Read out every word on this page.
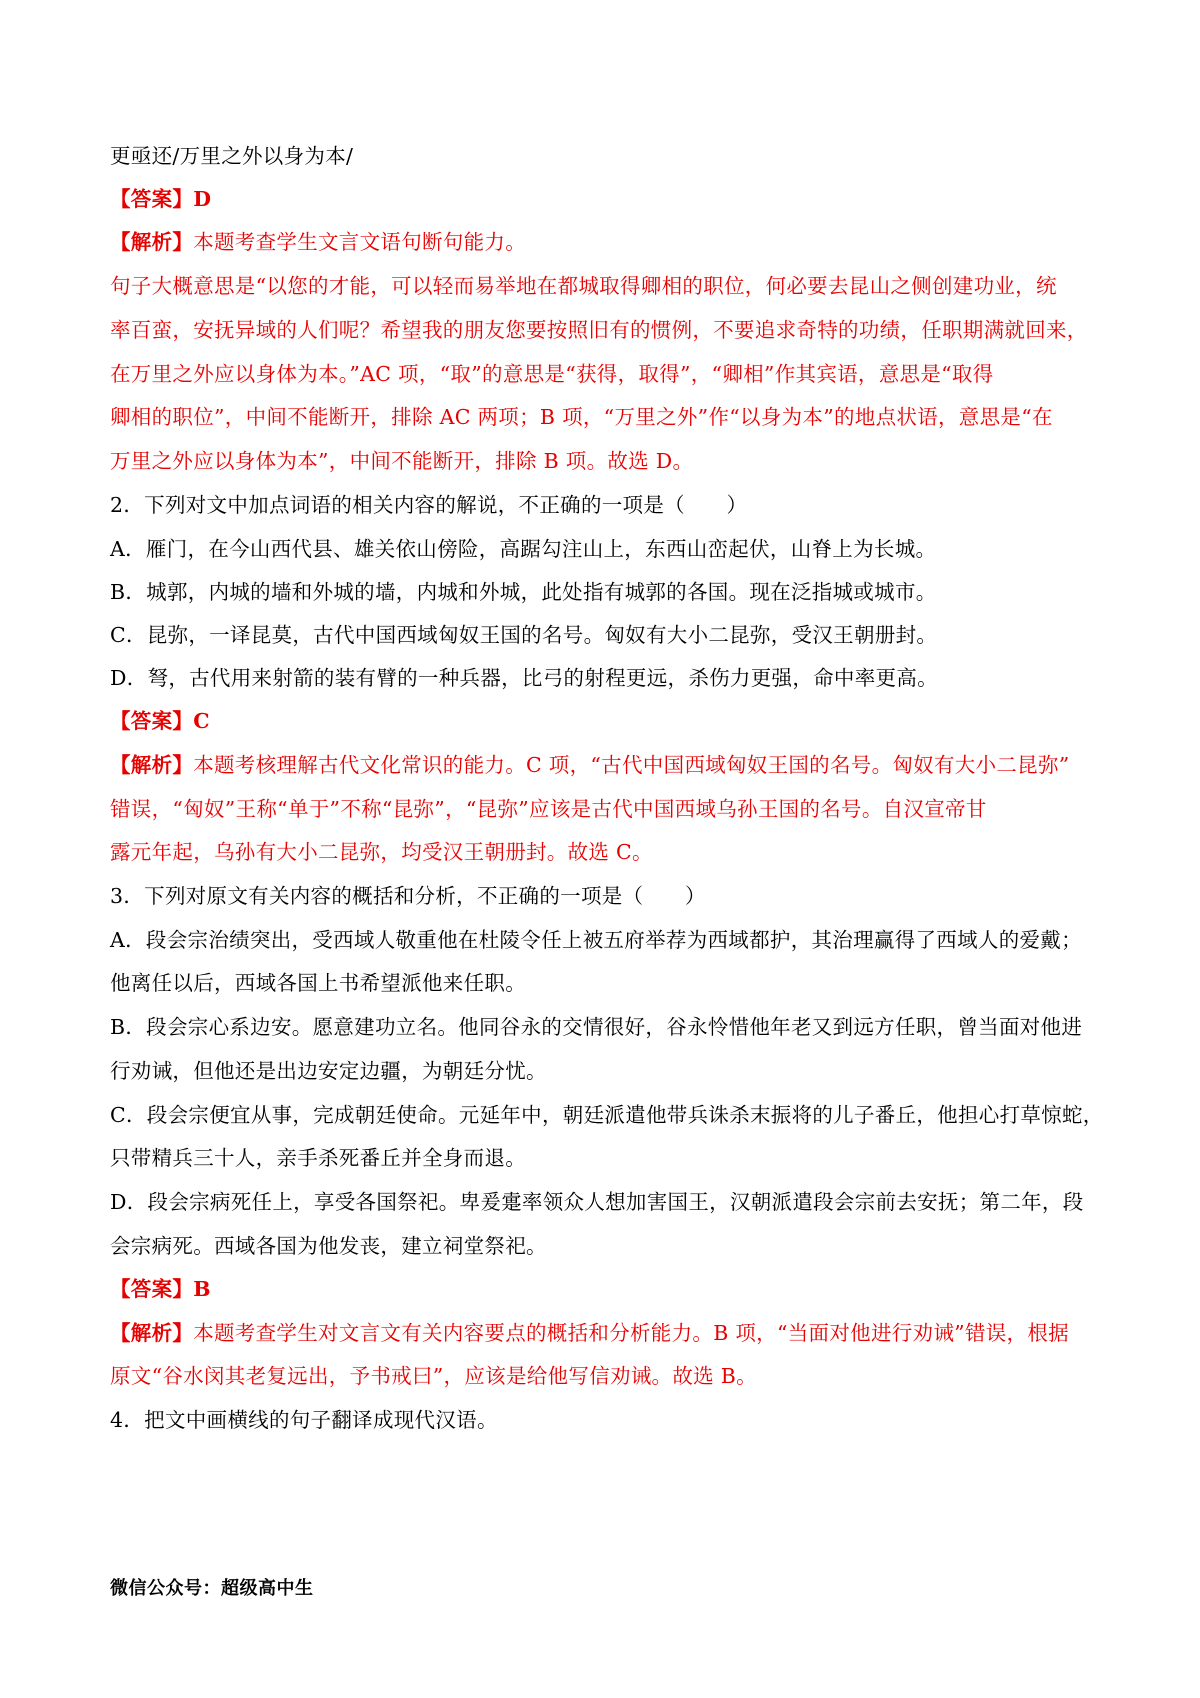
更亟还/万里之外以身为本/
【答案】D
【解析】本题考查学生文言文语句断句能力。
句子大概意思是“以您的才能，可以轻而易举地在都城取得卿相的职位，何必要去昆山之侧创建功业，统
率百蛮，安抚异域的人们呢？希望我的朋友您要按照旧有的惯例，不要追求奇特的功绩，任职期满就回来，
在万里之外应以身体为本。”AC 项，“取”的意思是“获得，取得”，“卿相”作其宾语，意思是“取得
卿相的职位”，中间不能断开，排除 AC 两项；B 项，“万里之外”作“以身为本”的地点状语，意思是“在
万里之外应以身体为本”，中间不能断开，排除 B 项。故选 D。
2．下列对文中加点词语的相关内容的解说，不正确的一项是（　　）
A．雁门，在今山西代县、雄关依山傍险，高踞勾注山上，东西山峦起伏，山脊上为长城。
B．城郭，内城的墙和外城的墙，内城和外城，此处指有城郭的各国。现在泛指城或城市。
C．昆弥，一译昆莫，古代中国西域匈奴王国的名号。匈奴有大小二昆弥，受汉王朝册封。
D．弩，古代用来射箭的装有臂的一种兵器，比弓的射程更远，杀伤力更强，命中率更高。
【答案】C
【解析】本题考核理解古代文化常识的能力。C 项，“古代中国西域匈奴王国的名号。匈奴有大小二昆弥”
错误，“匈奴”王称“单于”不称“昆弥”，“昆弥”应该是古代中国西域乌孙王国的名号。自汉宣帝甘
露元年起，乌孙有大小二昆弥，均受汉王朝册封。故选 C。
3．下列对原文有关内容的概括和分析，不正确的一项是（　　）
A．段会宗治绩突出，受西域人敬重他在杜陵令任上被五府举荐为西域都护，其治理赢得了西域人的爱戴；
他离任以后，西域各国上书希望派他来任职。
B．段会宗心系边安。愿意建功立名。他同谷永的交情很好，谷永怜惜他年老又到远方任职，曾当面对他进
行劝诫，但他还是出边安定边疆，为朝廷分忧。
C．段会宗便宜从事，完成朝廷使命。元延年中，朝廷派遣他带兵诛杀末振将的儿子番丘，他担心打草惊蛇，
只带精兵三十人，亲手杀死番丘并全身而退。
D．段会宗病死任上，享受各国祭祀。卑爰疐率领众人想加害国王，汉朝派遣段会宗前去安抚；第二年，段
会宗病死。西域各国为他发丧，建立祠堂祭祀。
【答案】B
【解析】本题考查学生对文言文有关内容要点的概括和分析能力。B 项，“当面对他进行劝诫”错误，根据
原文“谷水闵其老复远出，予书戒曰”，应该是给他写信劝诫。故选 B。
4．把文中画横线的句子翻译成现代汉语。
微信公众号：超级高中生
